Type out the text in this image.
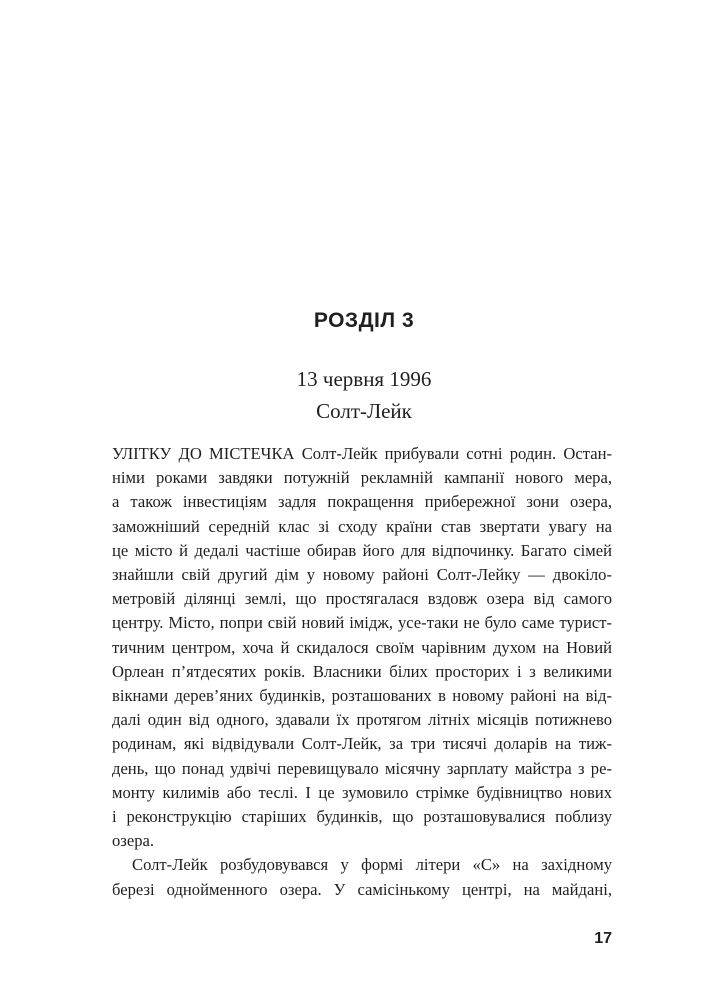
РОЗДІЛ 3

13 червня 1996

Солт-Лейк

УЛІТКУ ДО МІСТЕЧКА Солт-Лейк прибували сотні родин. Остан-
німи роками завдяки потужній рекламній кампанії нового мера,
а також інвестиціям задля покращення прибережної зони озера,
заможніший середній клас зі сходу країни став звертати увагу на
це місто й дедалі частіше обирав його для відпочинку. Багато сімей
знайшли свій другий дім у новому районі Солт-Лейку — двокіло-
метровій ділянці землі, що простягалася вздовж озера від самого
центру. Місто, попри свій новий імідж, усе-таки не було саме турист-
тичним центром, хоча й скидалося своїм чарівним духом на Новий
Орлеан п’ятдесятих років. Власники білих просторих і з великими
вікнами дерев’яних будинків, розташованих в новому районі на від-
далі один від одного, здавали їх протягом літніх місяців потижнево
родинам, які відвідували Солт-Лейк, за три тисячі доларів на тиж-
день, що понад удвічі перевищувало місячну зарплату майстра з ре-
монту килимів або теслі. І це зумовило стрімке будівництво нових
і реконструкцію старіших будинків, що розташовувалися поблизу
озера.

Солт-Лейк розбудовувався у формі літери «С» на західному
березі однойменного озера. У самісінькому центрі, на майдані,

17
